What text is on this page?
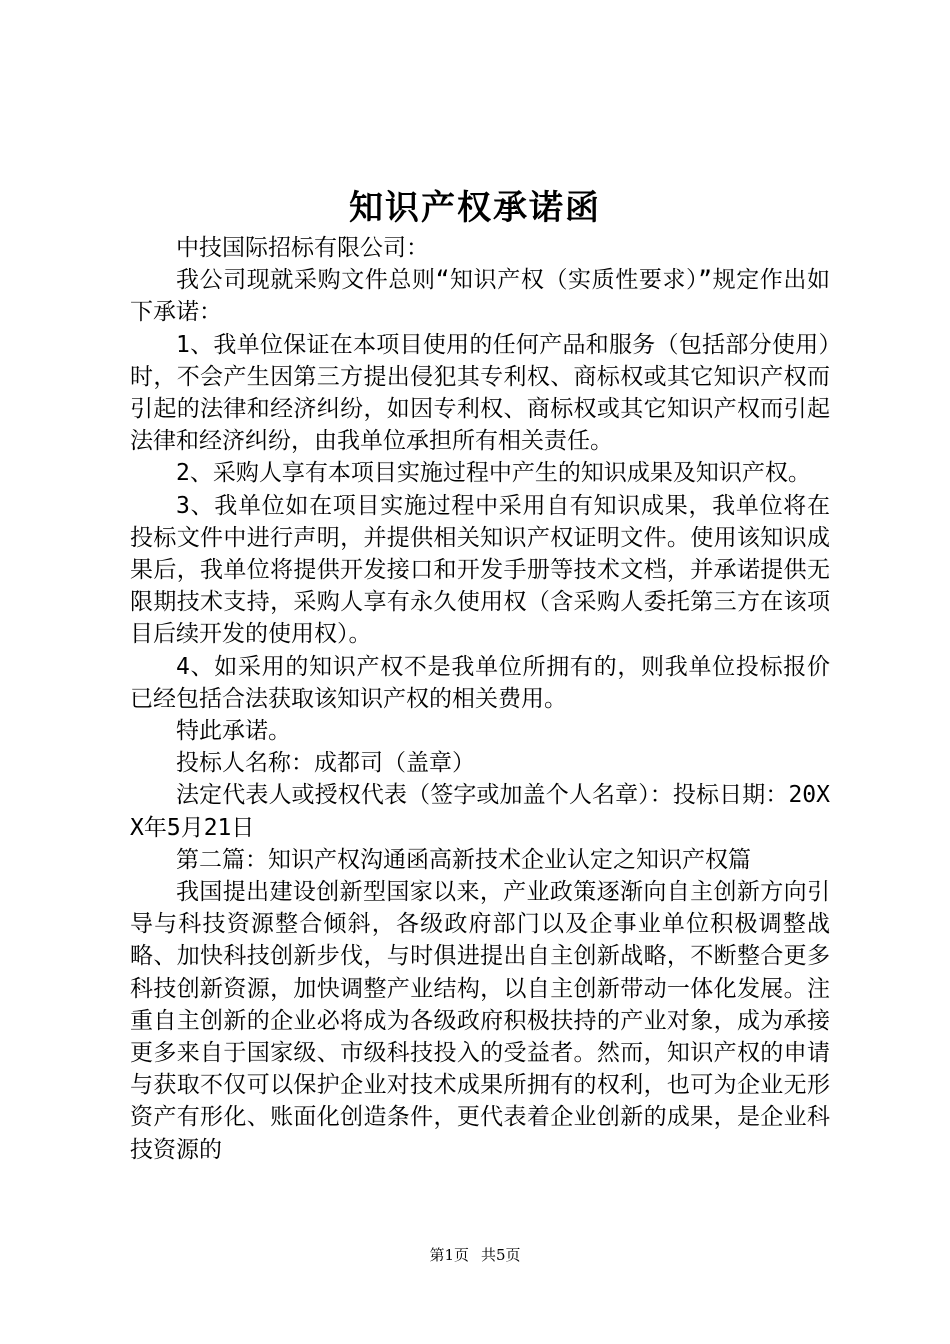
知识产权承诺函

中技国际招标有限公司：

我公司现就采购文件总则“知识产权（实质性要求）”规定作出如下承诺：

1、我单位保证在本项目使用的任何产品和服务（包括部分使用）时，不会产生因第三方提出侵犯其专利权、商标权或其它知识产权而引起的法律和经济纠纷，如因专利权、商标权或其它知识产权而引起法律和经济纠纷，由我单位承担所有相关责任。

2、采购人享有本项目实施过程中产生的知识成果及知识产权。

3、我单位如在项目实施过程中采用自有知识成果，我单位将在投标文件中进行声明，并提供相关知识产权证明文件。使用该知识成果后，我单位将提供开发接口和开发手册等技术文档，并承诺提供无限期技术支持，采购人享有永久使用权（含采购人委托第三方在该项目后续开发的使用权）。

4、如采用的知识产权不是我单位所拥有的，则我单位投标报价已经包括合法获取该知识产权的相关费用。

特此承诺。

投标人名称：成都司（盖章）

法定代表人或授权代表（签字或加盖个人名章）：投标日期：20XX年5月21日

第二篇：知识产权沟通函高新技术企业认定之知识产权篇

我国提出建设创新型国家以来，产业政策逐渐向自主创新方向引导与科技资源整合倾斜，各级政府部门以及企事业单位积极调整战略、加快科技创新步伐，与时俱进提出自主创新战略，不断整合更多科技创新资源，加快调整产业结构，以自主创新带动一体化发展。注重自主创新的企业必将成为各级政府积极扶持的产业对象，成为承接更多来自于国家级、市级科技投入的受益者。然而，知识产权的申请与获取不仅可以保护企业对技术成果所拥有的权利，也可为企业无形资产有形化、账面化创造条件，更代表着企业创新的成果，是企业科技资源的

第1页 共5页
